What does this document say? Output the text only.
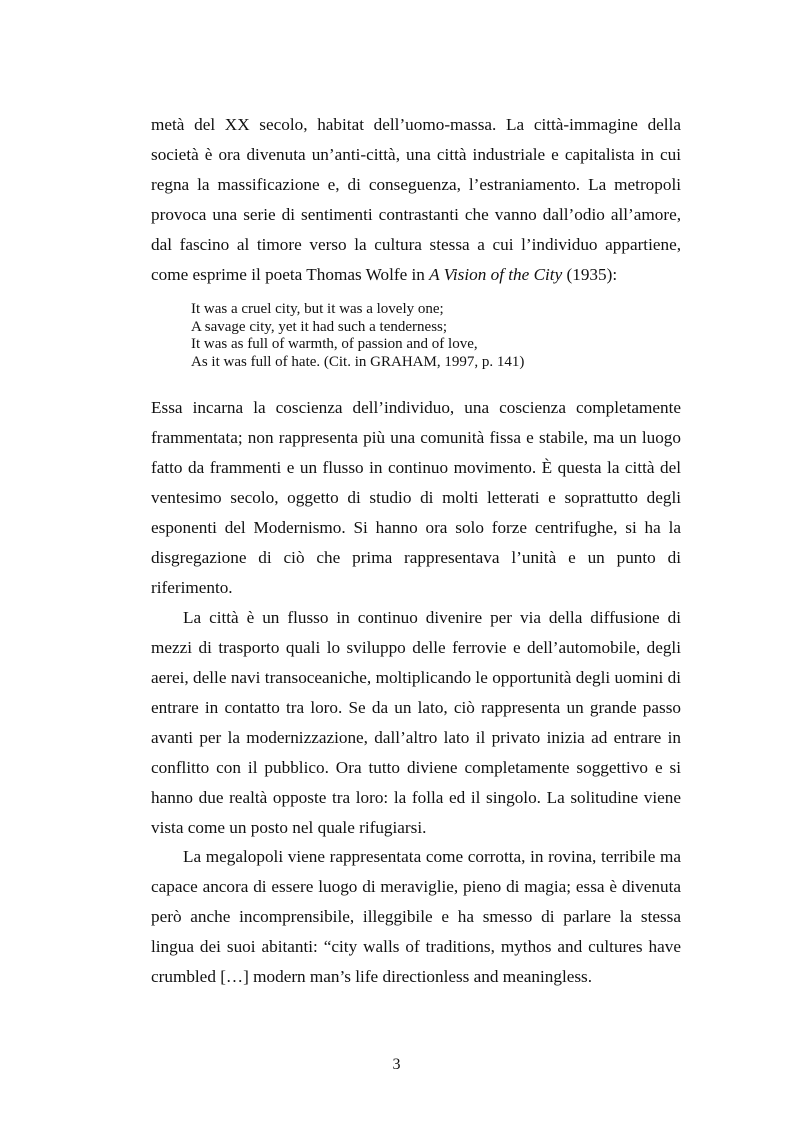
metà del XX secolo, habitat dell’uomo-massa. La città-immagine della società è ora divenuta un’anti-città, una città industriale e capitalista in cui regna la massificazione e, di conseguenza, l’estraniamento. La metropoli provoca una serie di sentimenti contrastanti che vanno dall’odio all’amore, dal fascino al timore verso la cultura stessa a cui l’individuo appartiene, come esprime il poeta Thomas Wolfe in A Vision of the City (1935):

It was a cruel city, but it was a lovely one;
A savage city, yet it had such a tenderness;
It was as full of warmth, of passion and of love,
As it was full of hate. (Cit. in GRAHAM, 1997, p. 141)

Essa incarna la coscienza dell’individuo, una coscienza completamente frammentata; non rappresenta più una comunità fissa e stabile, ma un luogo fatto da frammenti e un flusso in continuo movimento. È questa la città del ventesimo secolo, oggetto di studio di molti letterati e soprattutto degli esponenti del Modernismo. Si hanno ora solo forze centrifughe, si ha la disgregazione di ciò che prima rappresentava l’unità e un punto di riferimento.

La città è un flusso in continuo divenire per via della diffusione di mezzi di trasporto quali lo sviluppo delle ferrovie e dell’automobile, degli aerei, delle navi transoceaniche, moltiplicando le opportunità degli uomini di entrare in contatto tra loro. Se da un lato, ciò rappresenta un grande passo avanti per la modernizzazione, dall’altro lato il privato inizia ad entrare in conflitto con il pubblico. Ora tutto diviene completamente soggettivo e si hanno due realtà opposte tra loro: la folla ed il singolo. La solitudine viene vista come un posto nel quale rifugiarsi.

La megalopoli viene rappresentata come corrotta, in rovina, terribile ma capace ancora di essere luogo di meraviglie, pieno di magia; essa è divenuta però anche incomprensibile, illeggibile e ha smesso di parlare la stessa lingua dei suoi abitanti: “city walls of traditions, mythos and cultures have crumbled […] modern man’s life directionless and meaningless.

3
